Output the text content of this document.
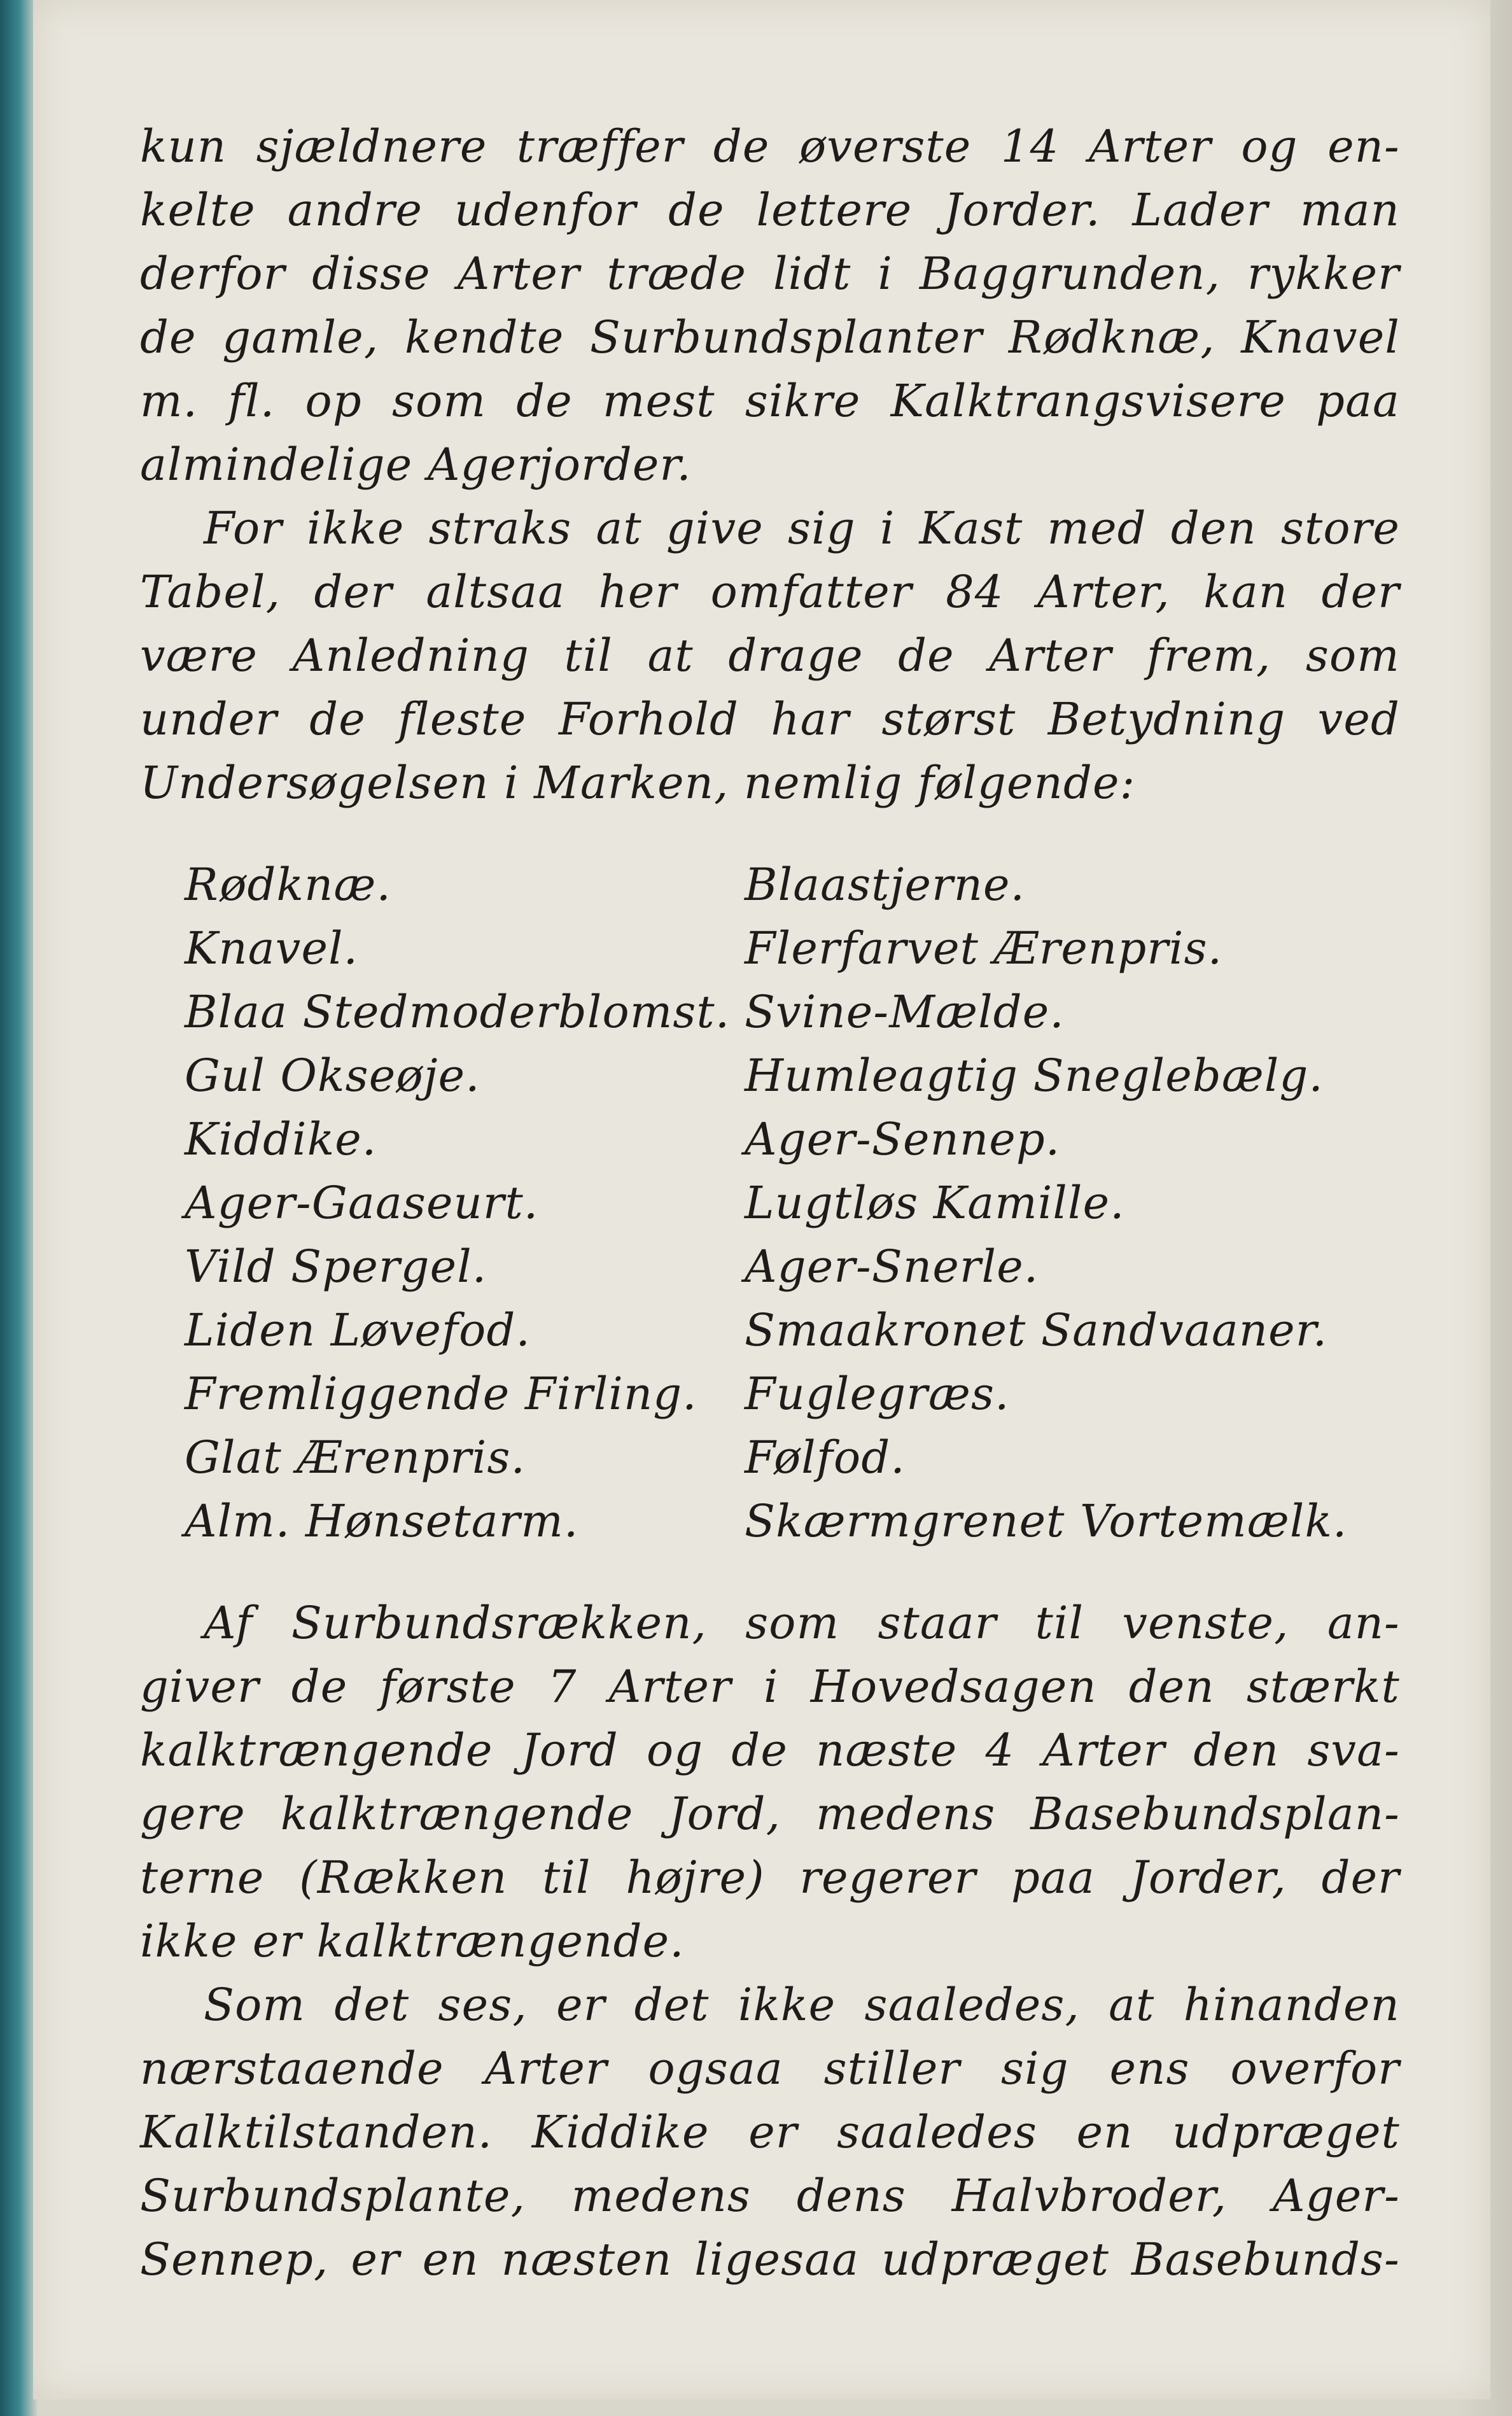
kun sjældnere træffer de øverste 14 Arter og en-
kelte andre udenfor de lettere Jorder. Lader man
derfor disse Arter træde lidt i Baggrunden, rykker
de gamle, kendte Surbundsplanter Rødknæ, Knavel
m. fl. op som de mest sikre Kalktrangsvisere paa
almindelige Agerjorder.
For ikke straks at give sig i Kast med den store
Tabel, der altsaa her omfatter 84 Arter, kan der
være Anledning til at drage de Arter frem, som
under de fleste Forhold har størst Betydning ved
Undersøgelsen i Marken, nemlig følgende:
Rødknæ.
Knavel.
Blaa Stedmoderblomst.
Gul Okseøje.
Kiddike.
Ager-Gaaseurt.
Vild Spergel.
Liden Løvefod.
Fremliggende Firling.
Glat Ærenpris.
Alm. Hønsetarm.
Blaastjerne.
Flerfarvet Ærenpris.
Svine-Mælde.
Humleagtig Sneglebælg.
Ager-Sennep.
Lugtløs Kamille.
Ager-Snerle.
Smaakronet Sandvaaner.
Fuglegræs.
Følfod.
Skærmgrenet Vortemælk.
Af Surbundsrækken, som staar til venste, an-
giver de første 7 Arter i Hovedsagen den stærkt
kalktrængende Jord og de næste 4 Arter den sva-
gere kalktrængende Jord, medens Basebundsplan-
terne (Rækken til højre) regerer paa Jorder, der
ikke er kalktrængende.
Som det ses, er det ikke saaledes, at hinanden
nærstaaende Arter ogsaa stiller sig ens overfor
Kalktilstanden. Kiddike er saaledes en udpræget
Surbundsplante, medens dens Halvbroder, Ager-
Sennep, er en næsten ligesaa udpræget Basebunds-
